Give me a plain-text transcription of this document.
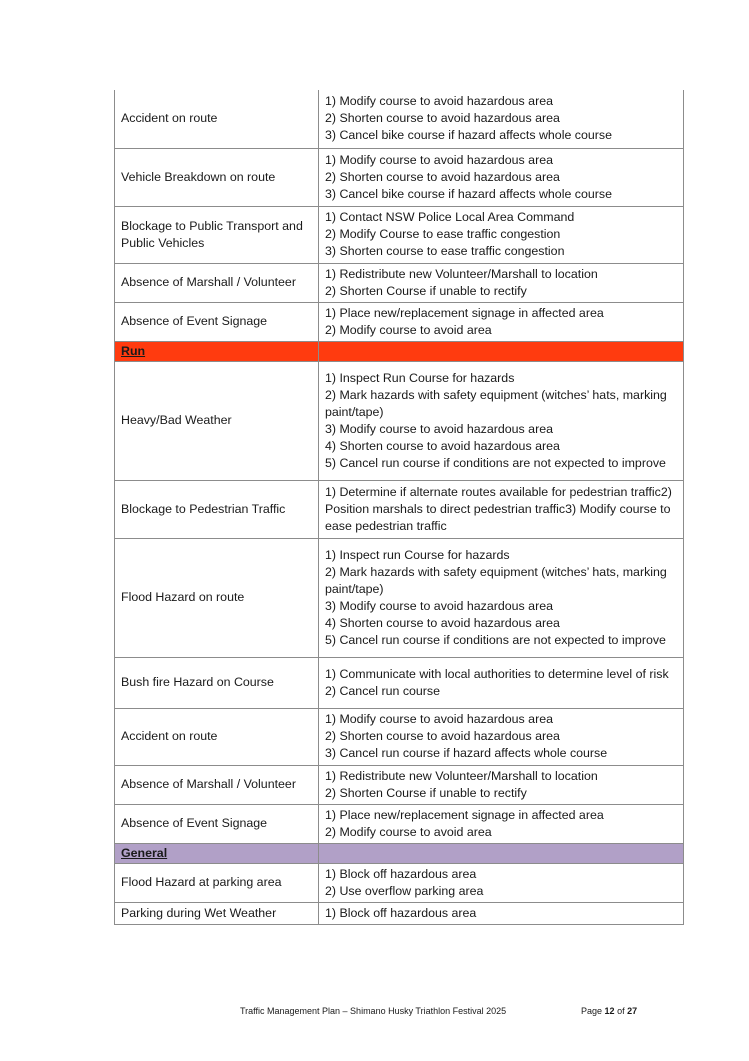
Accident on route	1) Modify course to avoid hazardous area
2) Shorten course to avoid hazardous area
3) Cancel bike course if hazard affects whole course

Vehicle Breakdown on route	1) Modify course to avoid hazardous area
2) Shorten course to avoid hazardous area
3) Cancel bike course if hazard affects whole course

Blockage to Public Transport and Public Vehicles	1) Contact NSW Police Local Area Command
2) Modify Course to ease traffic congestion
3) Shorten course to ease traffic congestion

Absence of Marshall / Volunteer	1) Redistribute new Volunteer/Marshall to location
2) Shorten Course if unable to rectify

Absence of Event Signage	1) Place new/replacement signage in affected area
2) Modify course to avoid area

Run	
Heavy/Bad Weather	1) Inspect Run Course for hazards
2) Mark hazards with safety equipment (witches’ hats, marking paint/tape)
3) Modify course to avoid hazardous area
4) Shorten course to avoid hazardous area
5) Cancel run course if conditions are not expected to improve

Blockage to Pedestrian Traffic	1) Determine if alternate routes available for pedestrian traffic2) Position marshals to direct pedestrian traffic3) Modify course to ease pedestrian traffic

Flood Hazard on route	1) Inspect run Course for hazards
2) Mark hazards with safety equipment (witches’ hats, marking paint/tape)
3) Modify course to avoid hazardous area
4) Shorten course to avoid hazardous area
5) Cancel run course if conditions are not expected to improve

Bush fire Hazard on Course	1) Communicate with local authorities to determine level of risk
2) Cancel run course

Accident on route	1) Modify course to avoid hazardous area
2) Shorten course to avoid hazardous area
3) Cancel run course if hazard affects whole course

Absence of Marshall / Volunteer	1) Redistribute new Volunteer/Marshall to location
2) Shorten Course if unable to rectify

Absence of Event Signage	1) Place new/replacement signage in affected area
2) Modify course to avoid area

General	
Flood Hazard at parking area	1) Block off hazardous area
2) Use overflow parking area

Parking during Wet Weather	1) Block off hazardous area
Traffic Management Plan – Shimano Husky Triathlon Festival 2025	Page 12 of 27
